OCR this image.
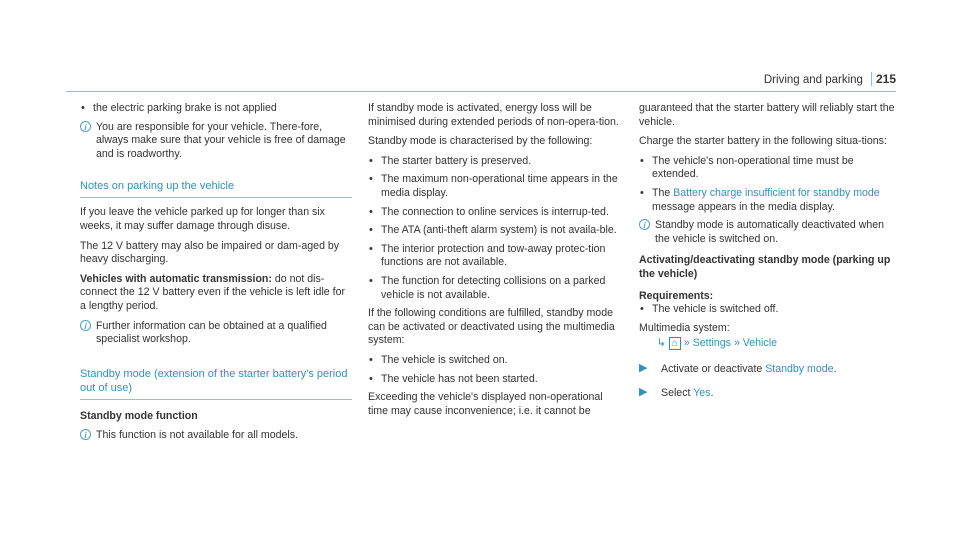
Driving and parking	215
• the electric parking brake is not applied
i You are responsible for your vehicle. There-fore, always make sure that your vehicle is free of damage and is roadworthy.
Notes on parking up the vehicle

If you leave the vehicle parked up for longer than six weeks, it may suffer damage through disuse.

The 12 V battery may also be impaired or dam-aged by heavy discharging.

Vehicles with automatic transmission: do not dis-connect the 12 V battery even if the vehicle is left idle for a lengthy period.

i Further information can be obtained at a qualified specialist workshop.
Standby mode (extension of the starter battery's period out of use)

Standby mode function

i This function is not available for all models.

If standby mode is activated, energy loss will be minimised during extended periods of non-opera-tion.

Standby mode is characterised by the following:

• The starter battery is preserved.
• The maximum non-operational time appears in the media display.
• The connection to online services is interrup-ted.
• The ATA (anti-theft alarm system) is not availa-ble.
• The interior protection and tow-away protec-tion functions are not available.
• The function for detecting collisions on a parked vehicle is not available.

If the following conditions are fulfilled, standby mode can be activated or deactivated using the multimedia system:

• The vehicle is switched on.
• The vehicle has not been started.

Exceeding the vehicle's displayed non-operational time may cause inconvenience; i.e. it cannot be

guaranteed that the starter battery will reliably start the vehicle.

Charge the starter battery in the following situa-tions:

• The vehicle's non-operational time must be extended.
• The Battery charge insufficient for standby mode message appears in the media display.
i Standby mode is automatically deactivated when the vehicle is switched on.

Activating/deactivating standby mode (parking up the vehicle)

Requirements:

• The vehicle is switched off.

Multimedia system:

↳ ⌂ » Settings » Vehicle
▶ Activate or deactivate Standby mode.
▶ Select Yes.
